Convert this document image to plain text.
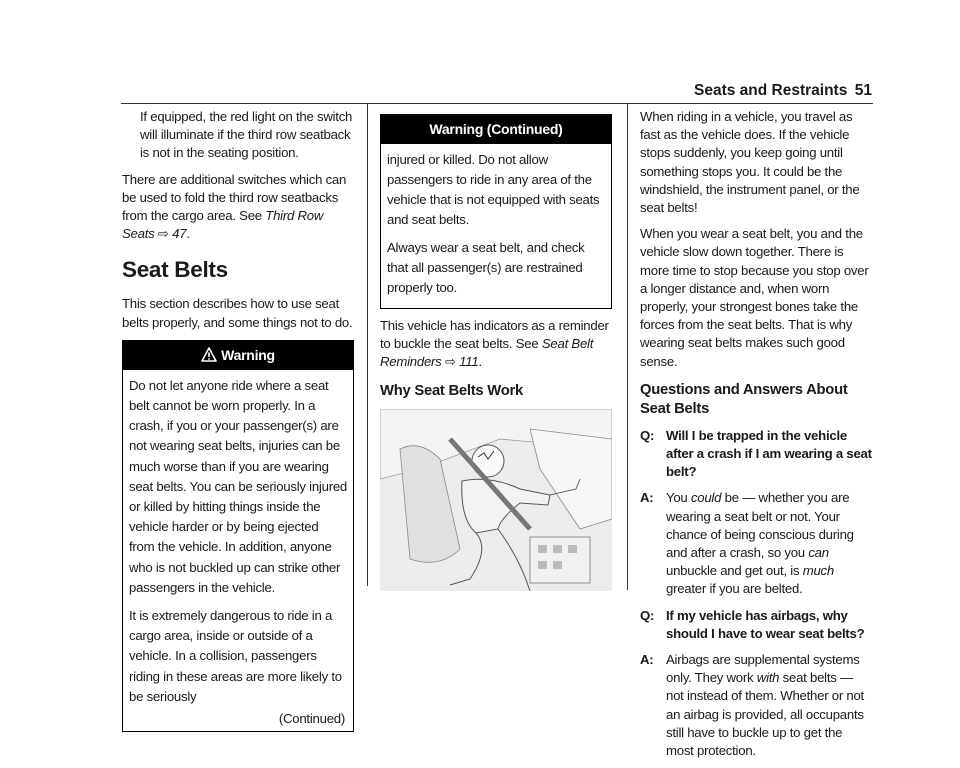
Seats and Restraints 51

If equipped, the red light on the switch will illuminate if the third row seatback is not in the seating position.

There are additional switches which can be used to fold the third row seatbacks from the cargo area. See Third Row Seats ⇨ 47.

Seat Belts

This section describes how to use seat belts properly, and some things not to do.

Warning

Do not let anyone ride where a seat belt cannot be worn properly. In a crash, if you or your passenger(s) are not wearing seat belts, injuries can be much worse than if you are wearing seat belts. You can be seriously injured or killed by hitting things inside the vehicle harder or by being ejected from the vehicle. In addition, anyone who is not buckled up can strike other passengers in the vehicle.

It is extremely dangerous to ride in a cargo area, inside or outside of a vehicle. In a collision, passengers riding in these areas are more likely to be seriously

(Continued)
Warning (Continued)

injured or killed. Do not allow passengers to ride in any area of the vehicle that is not equipped with seats and seat belts.

Always wear a seat belt, and check that all passenger(s) are restrained properly too.

This vehicle has indicators as a reminder to buckle the seat belts. See Seat Belt Reminders ⇨ 111.

Why Seat Belts Work

When riding in a vehicle, you travel as fast as the vehicle does. If the vehicle stops suddenly, you keep going until something stops you. It could be the windshield, the instrument panel, or the seat belts!

When you wear a seat belt, you and the vehicle slow down together. There is more time to stop because you stop over a longer distance and, when worn properly, your strongest bones take the forces from the seat belts. That is why wearing seat belts makes such good sense.

Questions and Answers About Seat Belts
Q: Will I be trapped in the vehicle after a crash if I am wearing a seat belt?
A: You could be — whether you are wearing a seat belt or not. Your chance of being conscious during and after a crash, so you can unbuckle and get out, is much greater if you are belted.
Q: If my vehicle has airbags, why should I have to wear seat belts?
A: Airbags are supplemental systems only. They work with seat belts — not instead of them. Whether or not an airbag is provided, all occupants still have to buckle up to get the most protection.
